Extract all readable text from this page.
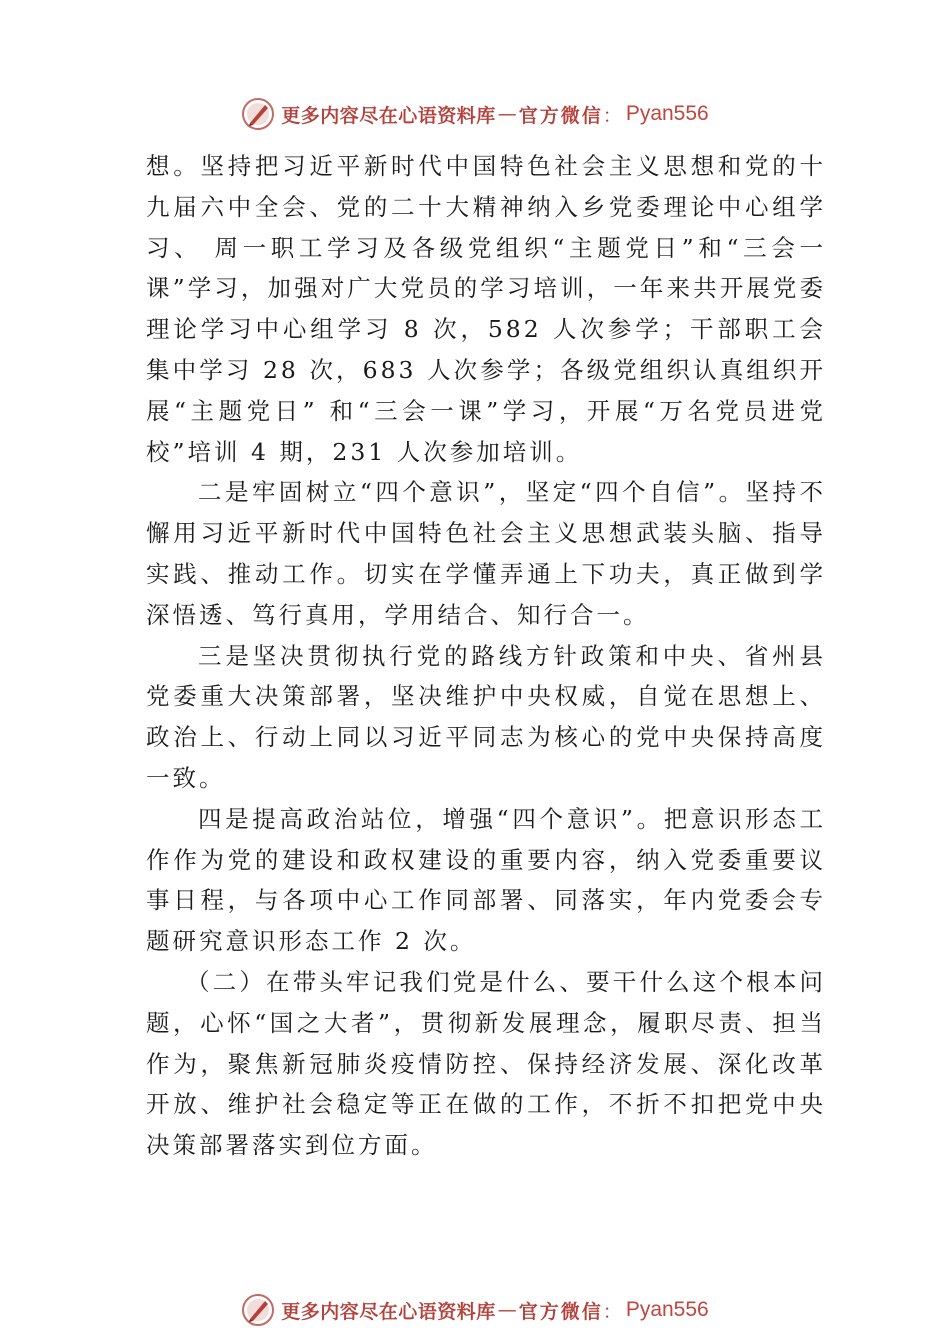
更多内容尽在心语资料库 — 官方微信 ： Pyan556

想。坚持把习近平新时代中国特色社会主义思想和党的十九届六中全会、党的二十大精神纳入乡党委理论中心组学习、 周一职工学习及各级党组织“主题党日”和“三会一课”学习，加强对广大党员的学习培训，一年来共开展党委理论学习中心组学习 8 次，582 人次参学；干部职工会集中学习 28 次，683 人次参学；各级党组织认真组织开展“主题党日” 和“三会一课”学习，开展“万名党员进党校”培训 4 期，231 人次参加培训。

二是牢固树立“四个意识”，坚定“四个自信”。坚持不懈用习近平新时代中国特色社会主义思想武装头脑、指导实践、推动工作。切实在学懂弄通上下功夫，真正做到学深悟透、笃行真用，学用结合、知行合一。

三是坚决贯彻执行党的路线方针政策和中央、省州县党委重大决策部署，坚决维护中央权威，自觉在思想上、政治上、行动上同以习近平同志为核心的党中央保持高度一致。

四是提高政治站位，增强“四个意识”。把意识形态工作作为党的建设和政权建设的重要内容，纳入党委重要议事日程，与各项中心工作同部署、同落实，年内党委会专题研究意识形态工作 2 次。

（二）在带头牢记我们党是什么、要干什么这个根本问题，心怀“国之大者”，贯彻新发展理念，履职尽责、担当作为，聚焦新冠肺炎疫情防控、保持经济发展、深化改革开放、维护社会稳定等正在做的工作，不折不扣把党中央决策部署落实到位方面。

更多内容尽在心语资料库 — 官方微信 ： Pyan556
